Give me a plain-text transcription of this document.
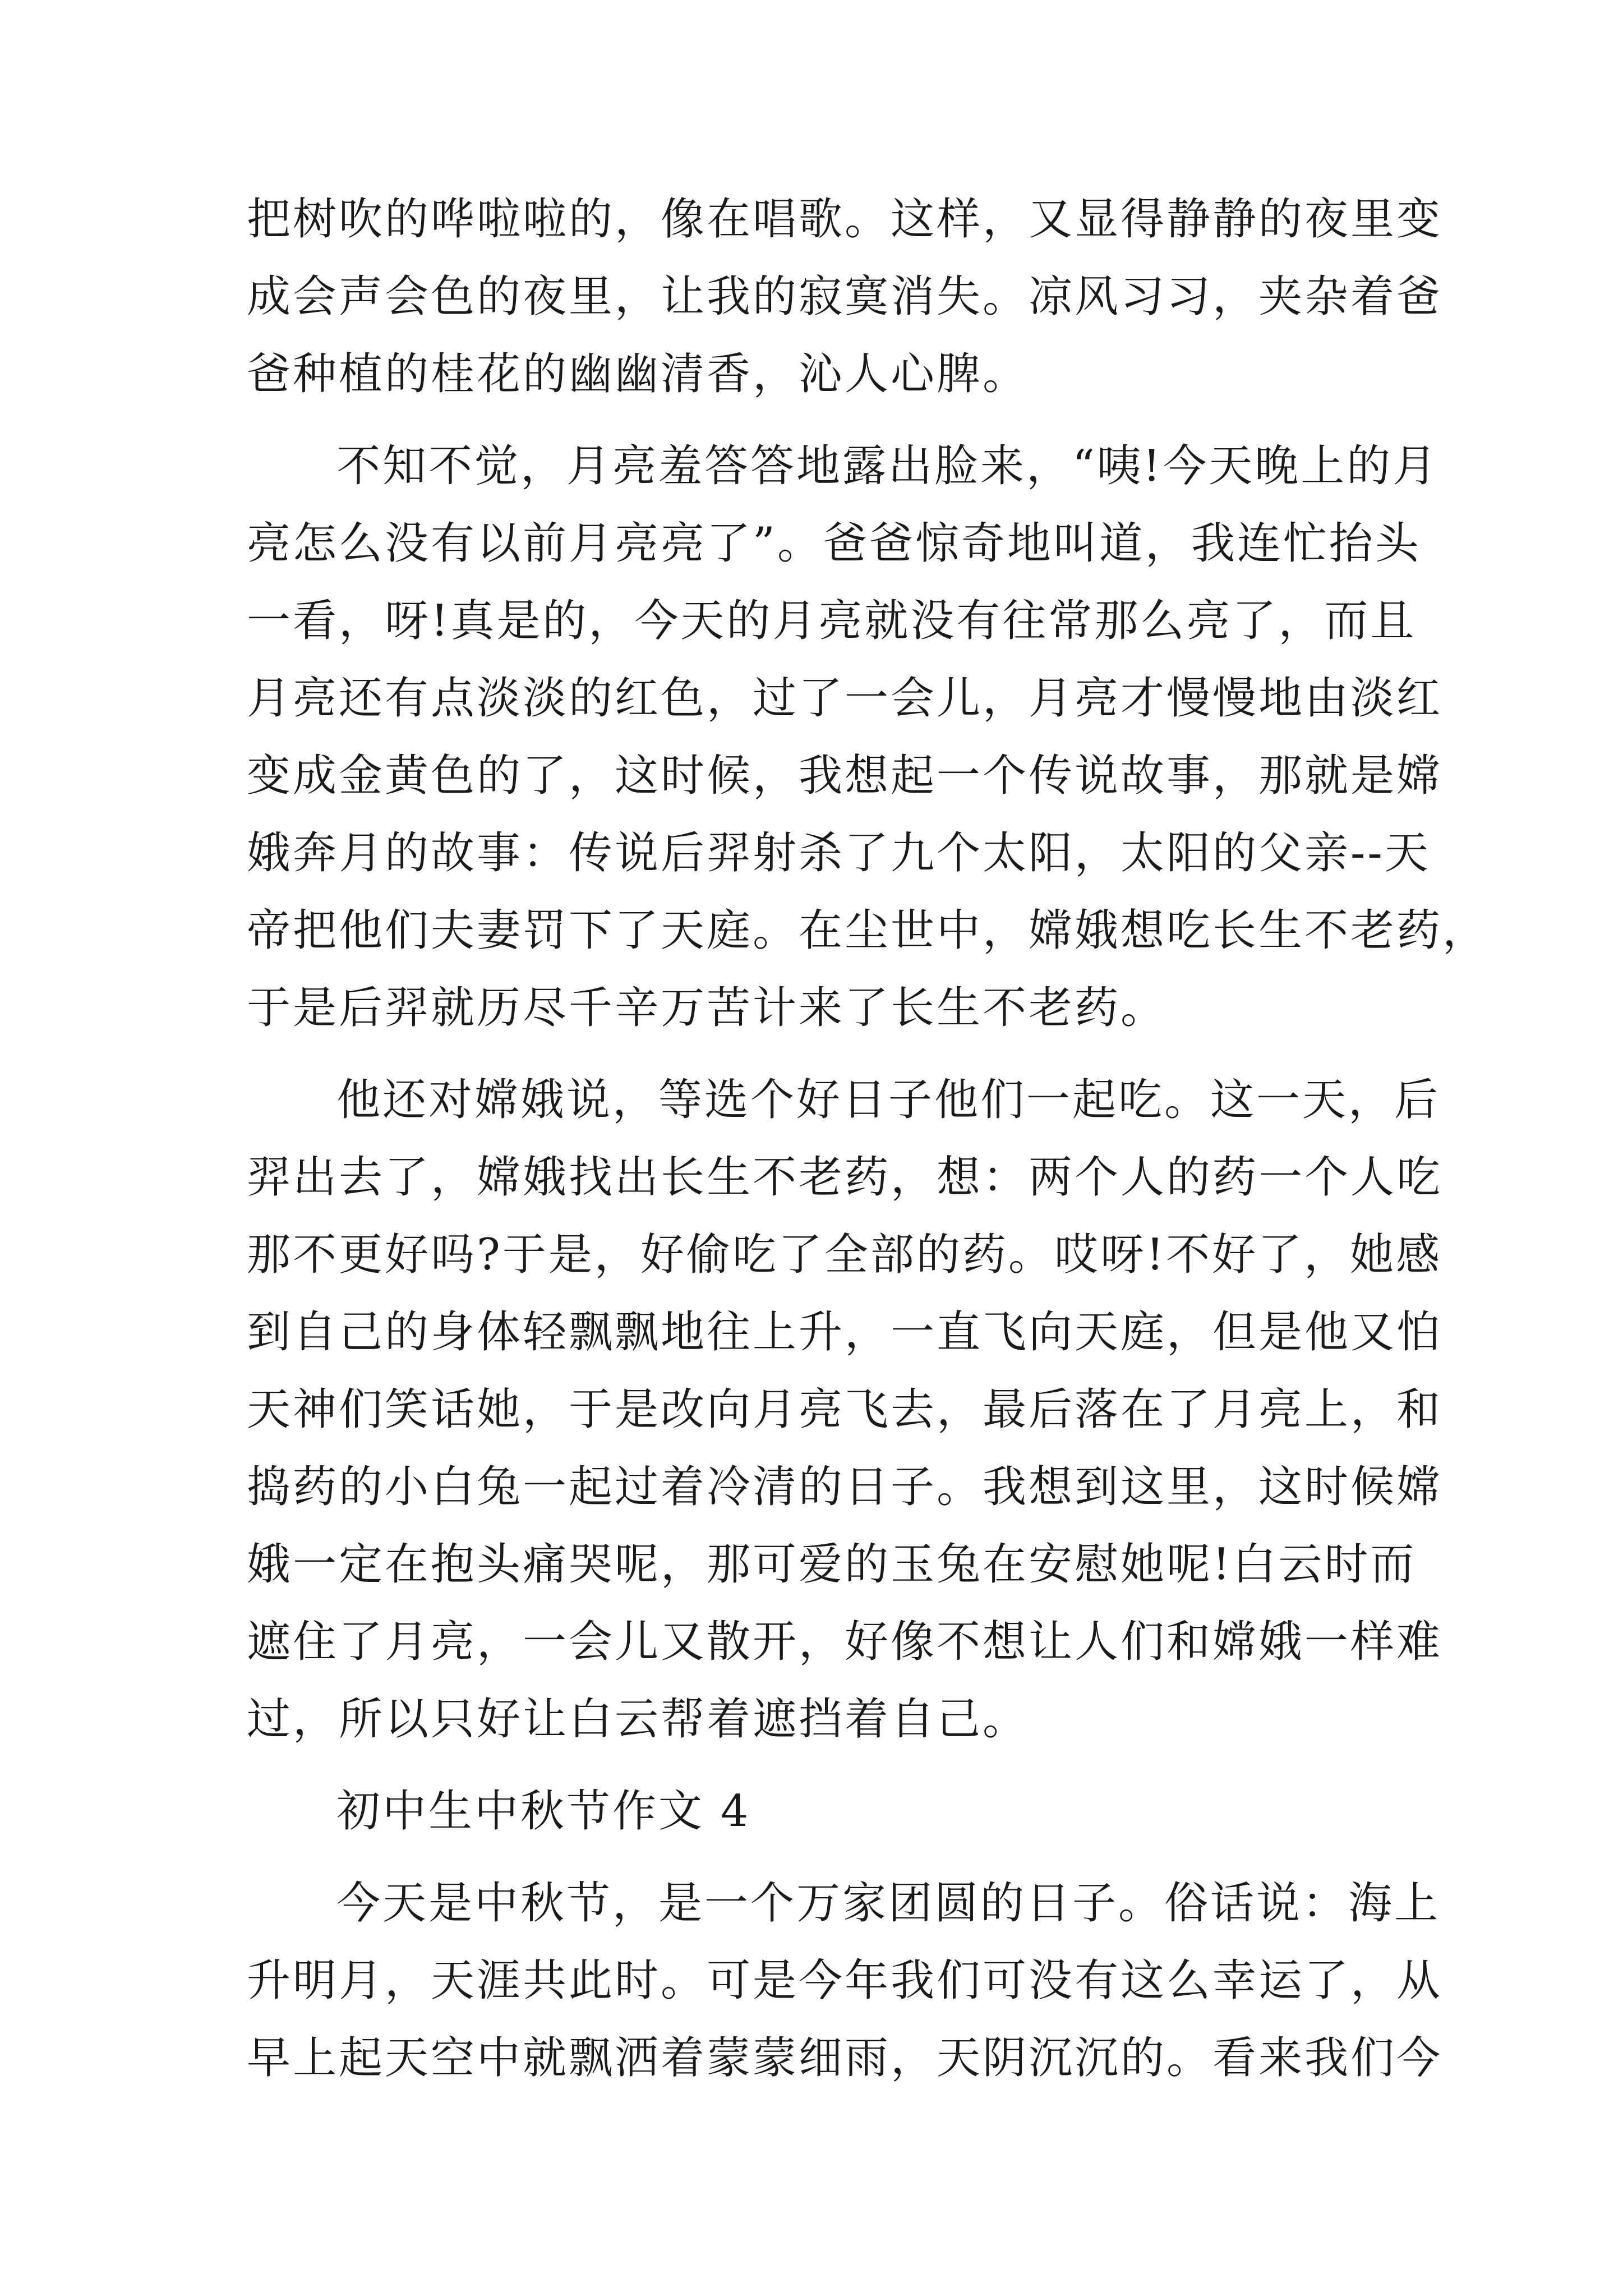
把树吹的哗啦啦的，像在唱歌。这样，又显得静静的夜里变
成会声会色的夜里，让我的寂寞消失。凉风习习，夹杂着爸
爸种植的桂花的幽幽清香，沁人心脾。
不知不觉，月亮羞答答地露出脸来，“咦!今天晚上的月
亮怎么没有以前月亮亮了”。爸爸惊奇地叫道，我连忙抬头
一看，呀!真是的，今天的月亮就没有往常那么亮了，而且
月亮还有点淡淡的红色，过了一会儿，月亮才慢慢地由淡红
变成金黄色的了，这时候，我想起一个传说故事，那就是嫦
娥奔月的故事：传说后羿射杀了九个太阳，太阳的父亲--天
帝把他们夫妻罚下了天庭。在尘世中，嫦娥想吃长生不老药，
于是后羿就历尽千辛万苦计来了长生不老药。
他还对嫦娥说，等选个好日子他们一起吃。这一天，后
羿出去了，嫦娥找出长生不老药，想：两个人的药一个人吃
那不更好吗?于是，好偷吃了全部的药。哎呀!不好了，她感
到自己的身体轻飘飘地往上升，一直飞向天庭，但是他又怕
天神们笑话她，于是改向月亮飞去，最后落在了月亮上，和
捣药的小白兔一起过着冷清的日子。我想到这里，这时候嫦
娥一定在抱头痛哭呢，那可爱的玉兔在安慰她呢!白云时而
遮住了月亮，一会儿又散开，好像不想让人们和嫦娥一样难
过，所以只好让白云帮着遮挡着自己。
初中生中秋节作文 4
今天是中秋节，是一个万家团圆的日子。俗话说：海上
升明月，天涯共此时。可是今年我们可没有这么幸运了，从
早上起天空中就飘洒着蒙蒙细雨，天阴沉沉的。看来我们今
